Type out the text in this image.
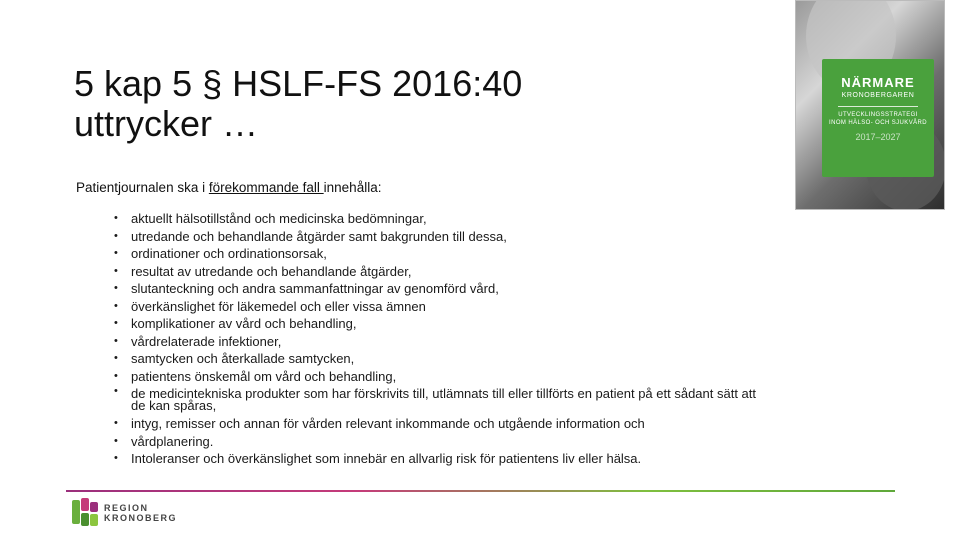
5 kap 5 § HSLF-FS 2016:40
uttrycker …
Patientjournalen ska i förekommande fall innehålla:
• aktuellt hälsotillstånd och medicinska bedömningar,
• utredande och behandlande åtgärder samt bakgrunden till dessa,
• ordinationer och ordinationsorsak,
• resultat av utredande och behandlande åtgärder,
• slutanteckning och andra sammanfattningar av genomförd vård,
• överkänslighet för läkemedel och eller vissa ämnen
• komplikationer av vård och behandling,
• vårdrelaterade infektioner,
• samtycken och återkallade samtycken,
• patientens önskemål om vård och behandling,
• de medicintekniska produkter som har förskrivits till, utlämnats till eller tillförts en patient på ett sådant sätt att de kan spåras,
• intyg, remisser och annan för vården relevant inkommande och utgående information och
• vårdplanering.
• Intoleranser och överkänslighet som innebär en allvarlig risk för patientens liv eller hälsa.
NÄRMARE
KRONOBERGAREN
UTVECKLINGSSTRATEGI
INOM HÄLSO- OCH SJUKVÅRD
2017–2027
REGION
KRONOBERG
